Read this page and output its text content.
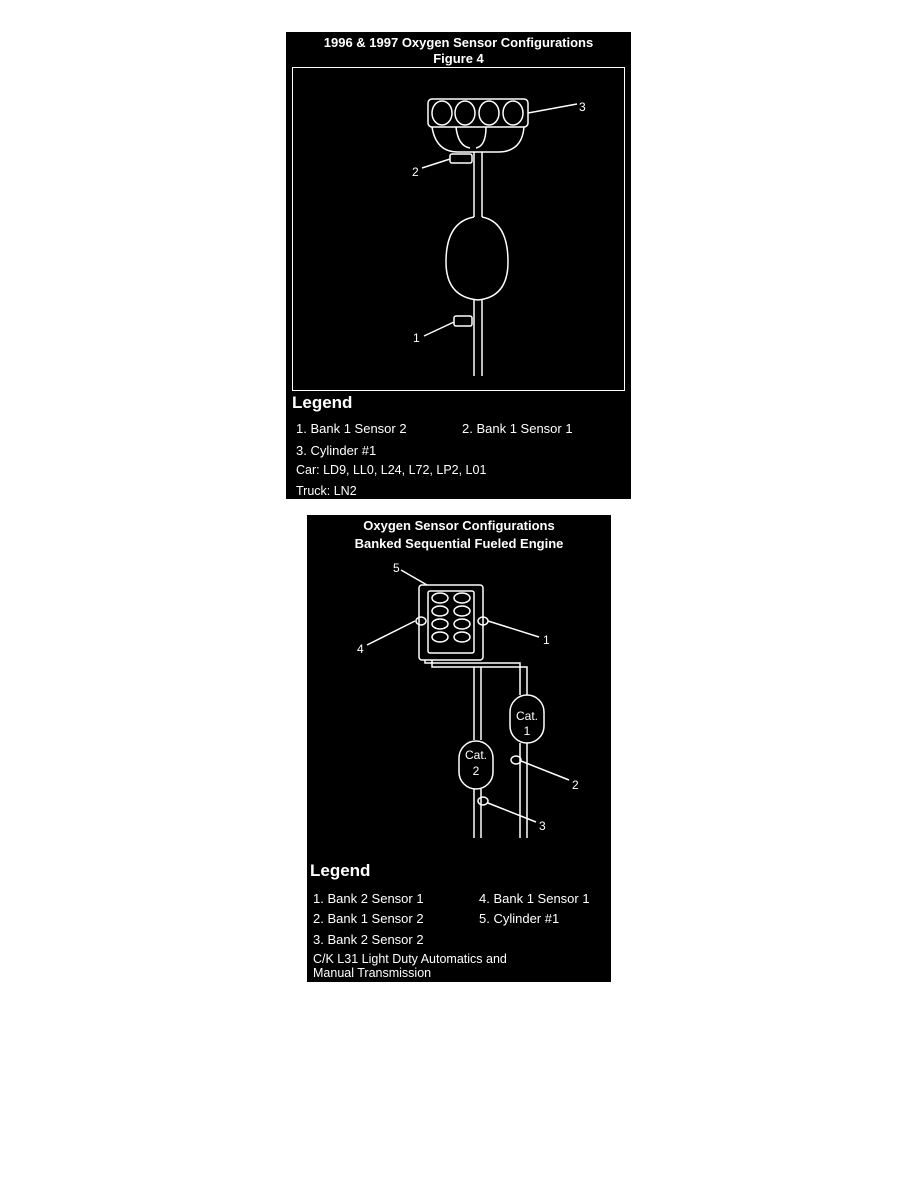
1996 & 1997 Oxygen Sensor Configurations
Figure 4
3
2
1
Legend
1. Bank 1 Sensor 2	2. Bank 1 Sensor 1
3. Cylinder #1
Car: LD9, LL0, L24, L72, LP2, L01
Truck: LN2
Oxygen Sensor Configurations
Banked Sequential Fueled Engine
Cat.
1
Cat.
2
5
4
1
2
3
Legend
1. Bank 2 Sensor 1	4. Bank 1 Sensor 1
2. Bank 1 Sensor 2	5. Cylinder #1
3. Bank 2 Sensor 2
C/K L31 Light Duty Automatics and
Manual Transmission
